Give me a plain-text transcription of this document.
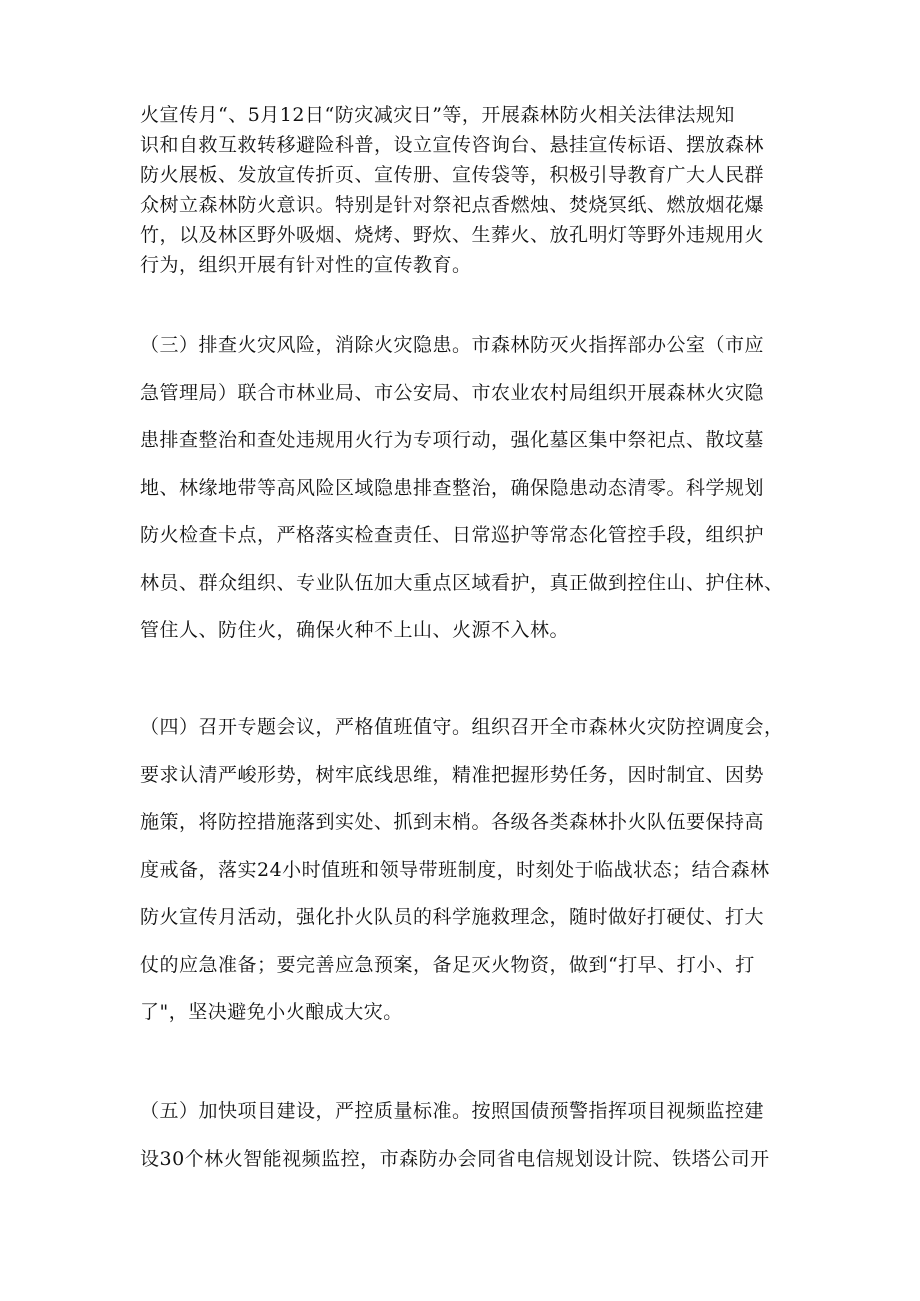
火宣传月“、5月12日“防灾减灾日”等，开展森林防火相关法律法规知
识和自救互救转移避险科普，设立宣传咨询台、悬挂宣传标语、摆放森林
防火展板、发放宣传折页、宣传册、宣传袋等，积极引导教育广大人民群
众树立森林防火意识。特别是针对祭祀点香燃烛、焚烧冥纸、燃放烟花爆
竹，以及林区野外吸烟、烧烤、野炊、生葬火、放孔明灯等野外违规用火
行为，组织开展有针对性的宣传教育。

（三）排查火灾风险，消除火灾隐患。市森林防灭火指挥部办公室（市应
急管理局）联合市林业局、市公安局、市农业农村局组织开展森林火灾隐
患排查整治和查处违规用火行为专项行动，强化墓区集中祭祀点、散坟墓
地、林缘地带等高风险区域隐患排查整治，确保隐患动态清零。科学规划
防火检查卡点，严格落实检查责任、日常巡护等常态化管控手段，组织护
林员、群众组织、专业队伍加大重点区域看护，真正做到控住山、护住林、
管住人、防住火，确保火种不上山、火源不入林。

（四）召开专题会议，严格值班值守。组织召开全市森林火灾防控调度会，
要求认清严峻形势，树牢底线思维，精准把握形势任务，因时制宜、因势
施策，将防控措施落到实处、抓到末梢。各级各类森林扑火队伍要保持高
度戒备，落实24小时值班和领导带班制度，时刻处于临战状态；结合森林
防火宣传月活动，强化扑火队员的科学施救理念，随时做好打硬仗、打大
仗的应急准备；要完善应急预案，备足灭火物资，做到“打早、打小、打
了"，坚决避免小火酿成大灾。

（五）加快项目建设，严控质量标准。按照国债预警指挥项目视频监控建
设30个林火智能视频监控，市森防办会同省电信规划设计院、铁塔公司开
